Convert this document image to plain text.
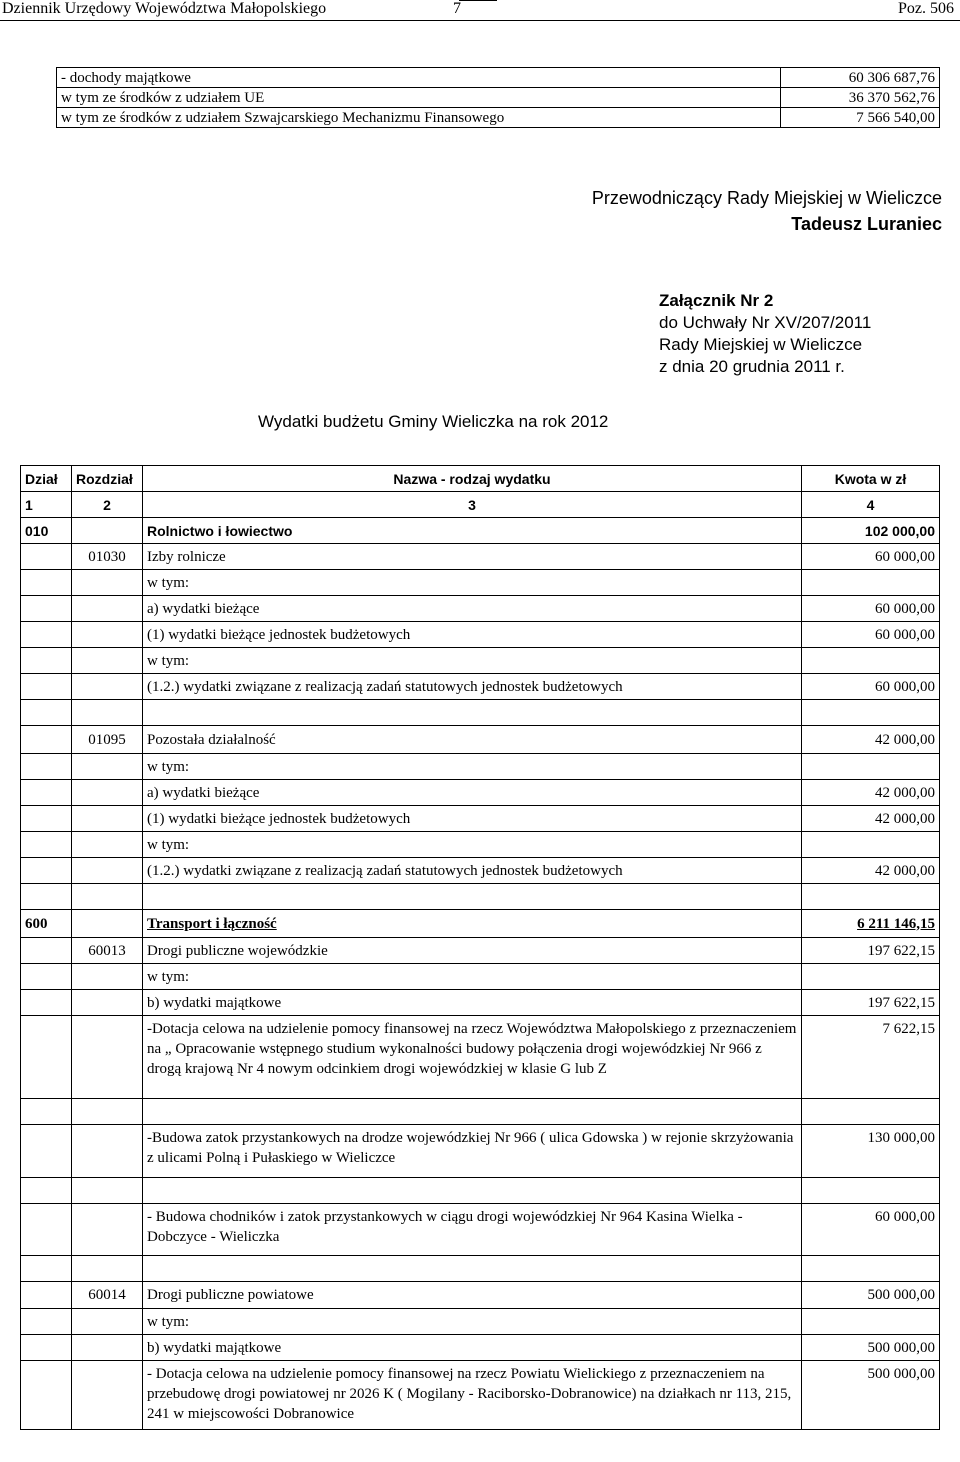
Dziennik Urzędowy Województwa Małopolskiego	7	Poz. 506
- dochody majątkowe	60 306 687,76
w tym ze środków z udziałem UE	36 370 562,76
w tym ze środków z udziałem Szwajcarskiego Mechanizmu Finansowego	7 566 540,00
Przewodniczący Rady Miejskiej w Wieliczce
Tadeusz Luraniec
Załącznik Nr 2
do Uchwały Nr XV/207/2011
Rady Miejskiej w Wieliczce
z dnia 20 grudnia 2011 r.
Wydatki budżetu Gminy Wieliczka na rok 2012
Dział	Rozdział	Nazwa - rodzaj wydatku	Kwota w zł
1	2	3	4
010		Rolnictwo i łowiectwo	102 000,00
	01030	Izby rolnicze	60 000,00
		w tym:	
		a) wydatki bieżące	60 000,00
		(1) wydatki bieżące jednostek budżetowych	60 000,00
		w tym:	
		(1.2.) wydatki związane z realizacją zadań statutowych jednostek budżetowych	60 000,00

	01095	Pozostała działalność	42 000,00
		w tym:	
		a) wydatki bieżące	42 000,00
		(1) wydatki bieżące jednostek budżetowych	42 000,00
		w tym:	
		(1.2.) wydatki związane z realizacją zadań statutowych jednostek budżetowych	42 000,00

600		Transport i łączność	6 211 146,15
	60013	Drogi publiczne wojewódzkie	197 622,15
		w tym:	
		b) wydatki majątkowe	197 622,15
		-Dotacja celowa na udzielenie pomocy finansowej na rzecz Województwa Małopolskiego z przeznaczeniem na „ Opracowanie wstępnego studium wykonalności budowy połączenia drogi wojewódzkiej Nr 966 z drogą krajową Nr 4 nowym odcinkiem drogi wojewódzkiej w klasie G lub Z	7 622,15

		-Budowa zatok przystankowych na drodze wojewódzkiej Nr 966 ( ulica Gdowska ) w rejonie skrzyżowania z ulicami Polną i Pułaskiego w Wieliczce	130 000,00

		- Budowa chodników i zatok przystankowych w ciągu drogi wojewódzkiej Nr 964 Kasina Wielka - Dobczyce - Wieliczka	60 000,00

	60014	Drogi publiczne powiatowe	500 000,00
		w tym:	
		b) wydatki majątkowe	500 000,00
		- Dotacja celowa na udzielenie pomocy finansowej na rzecz Powiatu Wielickiego z przeznaczeniem na przebudowę drogi powiatowej nr 2026 K ( Mogilany - Raciborsko-Dobranowice) na działkach nr 113, 215, 241 w miejscowości Dobranowice	500 000,00
